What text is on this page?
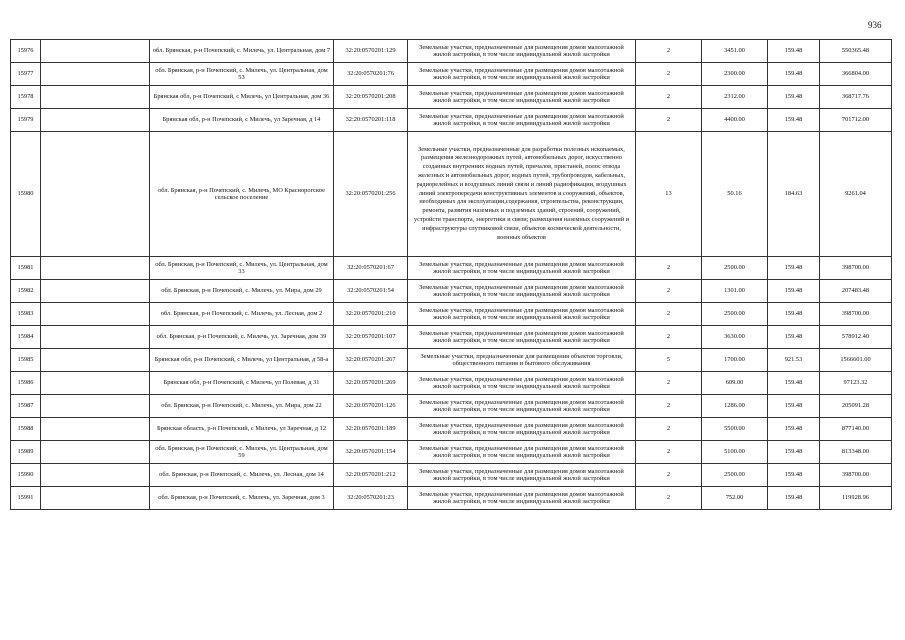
936
15976		обл. Брянская, р-н Почепский, с. Милечь, ул. Центральная, дом 7	32:20:0570201:129	Земельные участки, предназначенные для размещения домов малоэтажной жилой застройки, в том числе индивидуальной жилой застройки	2	3451.00	159.48	550365.48
15977		обл. Брянская, р-н Почепский, с. Милечь, ул. Центральная, дом 53	32:20:0570201:76	Земельные участки, предназначенные для размещения домов малоэтажной жилой застройки, в том числе индивидуальной жилой застройки	2	2300.00	159.48	366804.00
15978		Брянская обл, р-н Почепский, с Милечь, ул Центральная, дом 36	32:20:0570201:208	Земельные участки, предназначенные для размещения домов малоэтажной жилой застройки, в том числе индивидуальной жилой застройки	2	2312.00	159.48	368717.76
15979		Брянская обл, р-н Почепский, с Милечь, ул Заречная, д 14	32:20:0570201:118	Земельные участки, предназначенные для размещения домов малоэтажной жилой застройки, в том числе индивидуальной жилой застройки	2	4400.00	159.48	701712.00
15980		обл. Брянская, р-н Почепский, с. Милечь, МО Краснорогское сельское поселение	32:20:0570201:256	Земельные участки, предназначенные для разработки полезных ископаемых, размещения железнодорожных путей, автомобильных дорог, искусственно созданных внутренних водных путей, причалов, пристаней, полос отвода железных и автомобильных дорог, водных путей, трубопроводов, кабельных, радиорелейных и воздушных линий связи и линий радиофикации, воздушных линий электропередачи конструктивных элементов и сооружений, объектов, необходимых для эксплуатации,содержания, строительства, реконструкции, ремонта, развития наземных и подземных зданий, строений, сооружений, устройств транспорта, энергетики и связи; размещения наземных сооружений и инфраструктуры спутниковой связи, объектов космической деятельности, военных объектов	13	50.16	184.63	9261.04
15981		обл. Брянская, р-н Почепский, с. Милечь, ул. Центральная, дом 33	32:20:0570201:67	Земельные участки, предназначенные для размещения домов малоэтажной жилой застройки, в том числе индивидуальной жилой застройки	2	2500.00	159.48	398700.00
15982		обл. Брянская, р-н Почепский, с. Милечь, ул. Мира, дом 29	32:20:0570201:54	Земельные участки, предназначенные для размещения домов малоэтажной жилой застройки, в том числе индивидуальной жилой застройки	2	1301.00	159.48	207483.48
15983		обл. Брянская, р-н Почепский, с. Милечь, ул. Лесная, дом 2	32:20:0570201:210	Земельные участки, предназначенные для размещения домов малоэтажной жилой застройки, в том числе индивидуальной жилой застройки	2	2500.00	159.48	398700.00
15984		обл. Брянская, р-н Почепский, с. Милечь, ул. Заречная, дом 39	32:20:0570201:107	Земельные участки, предназначенные для размещения домов малоэтажной жилой застройки, в том числе индивидуальной жилой застройки	2	3630.00	159.48	578912.40
15985		Брянская обл, р-н Почепский, с Милечь, ул Центральная, д 58-а	32:20:0570201:267	Земельные участки, предназначенные для размещения объектов торговли, общественного питания и бытового обслуживания	5	1700.00	921.53	1566601.00
15986		Брянская обл, р-н Почепский, с Милечь, ул Полевая, д 31	32:20:0570201:269	Земельные участки, предназначенные для размещения домов малоэтажной жилой застройки, в том числе индивидуальной жилой застройки	2	609.00	159.48	97123.32
15987		обл. Брянская, р-н Почепский, с. Милечь, ул. Мира, дом 22	32:20:0570201:126	Земельные участки, предназначенные для размещения домов малоэтажной жилой застройки, в том числе индивидуальной жилой застройки	2	1286.00	159.48	205091.28
15988		Брянская область, р-н Почепский, с Милечь, ул Заречная, д 12	32:20:0570201:189	Земельные участки, предназначенные для размещения домов малоэтажной жилой застройки, в том числе индивидуальной жилой застройки	2	5500.00	159.48	877140.00
15989		обл. Брянская, р-н Почепский, с. Милечь, ул. Центральная, дом 59	32:20:0570201:154	Земельные участки, предназначенные для размещения домов малоэтажной жилой застройки, в том числе индивидуальной жилой застройки	2	5100.00	159.48	813348.00
15990		обл. Брянская, р-н Почепский, с. Милечь, ул. Лесная, дом 14	32:20:0570201:212	Земельные участки, предназначенные для размещения домов малоэтажной жилой застройки, в том числе индивидуальной жилой застройки	2	2500.00	159.48	398700.00
15991		обл. Брянская, р-н Почепский, с. Милечь, ул. Заречная, дом 3	32:20:0570201:23	Земельные участки, предназначенные для размещения домов малоэтажной жилой застройки, в том числе индивидуальной жилой застройки	2	752.00	159.48	119928.96
